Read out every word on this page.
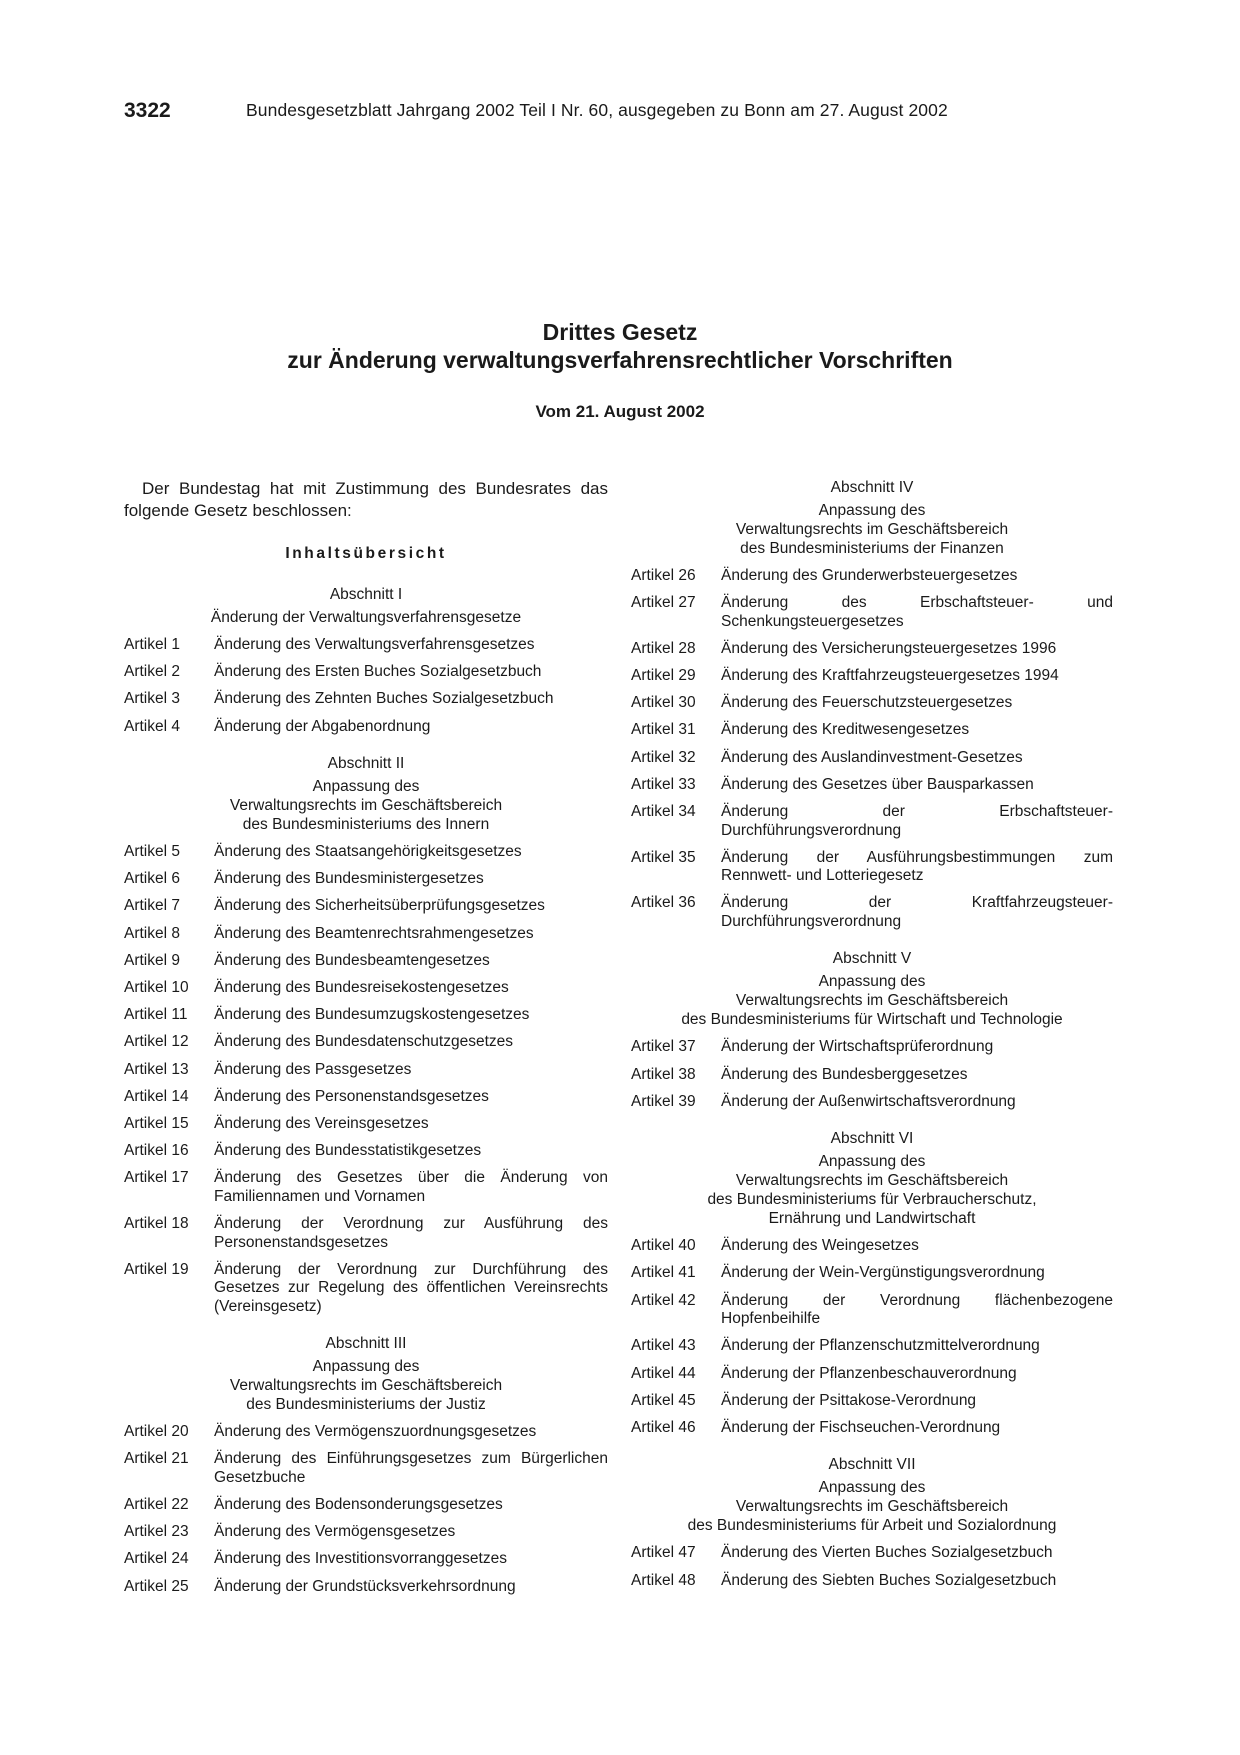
3322	Bundesgesetzblatt Jahrgang 2002 Teil I Nr. 60, ausgegeben zu Bonn am 27. August 2002
Drittes Gesetz
zur Änderung verwaltungsverfahrensrechtlicher Vorschriften
Vom 21. August 2002

Der Bundestag hat mit Zustimmung des Bundesrates das folgende Gesetz beschlossen:

Inhaltsübersicht
Abschnitt I
Änderung der Verwaltungsverfahrensgesetze
Artikel 1	Änderung des Verwaltungsverfahrensgesetzes
Artikel 2	Änderung des Ersten Buches Sozialgesetzbuch
Artikel 3	Änderung des Zehnten Buches Sozialgesetzbuch
Artikel 4	Änderung der Abgabenordnung
Abschnitt II
Anpassung des
Verwaltungsrechts im Geschäftsbereich
des Bundesministeriums des Innern
Artikel 5	Änderung des Staatsangehörigkeitsgesetzes
Artikel 6	Änderung des Bundesministergesetzes
Artikel 7	Änderung des Sicherheitsüberprüfungsgesetzes
Artikel 8	Änderung des Beamtenrechtsrahmengesetzes
Artikel 9	Änderung des Bundesbeamtengesetzes
Artikel 10	Änderung des Bundesreisekostengesetzes
Artikel 11	Änderung des Bundesumzugskostengesetzes
Artikel 12	Änderung des Bundesdatenschutzgesetzes
Artikel 13	Änderung des Passgesetzes
Artikel 14	Änderung des Personenstandsgesetzes
Artikel 15	Änderung des Vereinsgesetzes
Artikel 16	Änderung des Bundesstatistikgesetzes
Artikel 17	Änderung des Gesetzes über die Änderung von Familiennamen und Vornamen
Artikel 18	Änderung der Verordnung zur Ausführung des Personenstandsgesetzes
Artikel 19	Änderung der Verordnung zur Durchführung des Gesetzes zur Regelung des öffentlichen Vereinsrechts (Vereinsgesetz)
Abschnitt III
Anpassung des
Verwaltungsrechts im Geschäftsbereich
des Bundesministeriums der Justiz
Artikel 20	Änderung des Vermögenszuordnungsgesetzes
Artikel 21	Änderung des Einführungsgesetzes zum Bürgerlichen Gesetzbuche
Artikel 22	Änderung des Bodensonderungsgesetzes
Artikel 23	Änderung des Vermögensgesetzes
Artikel 24	Änderung des Investitionsvorranggesetzes
Artikel 25	Änderung der Grundstücksverkehrsordnung
Abschnitt IV
Anpassung des
Verwaltungsrechts im Geschäftsbereich
des Bundesministeriums der Finanzen
Artikel 26	Änderung des Grunderwerbsteuergesetzes
Artikel 27	Änderung des Erbschaftsteuer- und Schenkungsteuergesetzes
Artikel 28	Änderung des Versicherungsteuergesetzes 1996
Artikel 29	Änderung des Kraftfahrzeugsteuergesetzes 1994
Artikel 30	Änderung des Feuerschutzsteuergesetzes
Artikel 31	Änderung des Kreditwesengesetzes
Artikel 32	Änderung des Auslandinvestment-Gesetzes
Artikel 33	Änderung des Gesetzes über Bausparkassen
Artikel 34	Änderung der Erbschaftsteuer-Durchführungsverordnung
Artikel 35	Änderung der Ausführungsbestimmungen zum Rennwett- und Lotteriegesetz
Artikel 36	Änderung der Kraftfahrzeugsteuer-Durchführungsverordnung
Abschnitt V
Anpassung des
Verwaltungsrechts im Geschäftsbereich
des Bundesministeriums für Wirtschaft und Technologie
Artikel 37	Änderung der Wirtschaftsprüferordnung
Artikel 38	Änderung des Bundesberggesetzes
Artikel 39	Änderung der Außenwirtschaftsverordnung
Abschnitt VI
Anpassung des
Verwaltungsrechts im Geschäftsbereich
des Bundesministeriums für Verbraucherschutz,
Ernährung und Landwirtschaft
Artikel 40	Änderung des Weingesetzes
Artikel 41	Änderung der Wein-Vergünstigungsverordnung
Artikel 42	Änderung der Verordnung flächenbezogene Hopfenbeihilfe
Artikel 43	Änderung der Pflanzenschutzmittelverordnung
Artikel 44	Änderung der Pflanzenbeschauverordnung
Artikel 45	Änderung der Psittakose-Verordnung
Artikel 46	Änderung der Fischseuchen-Verordnung
Abschnitt VII
Anpassung des
Verwaltungsrechts im Geschäftsbereich
des Bundesministeriums für Arbeit und Sozialordnung
Artikel 47	Änderung des Vierten Buches Sozialgesetzbuch
Artikel 48	Änderung des Siebten Buches Sozialgesetzbuch
